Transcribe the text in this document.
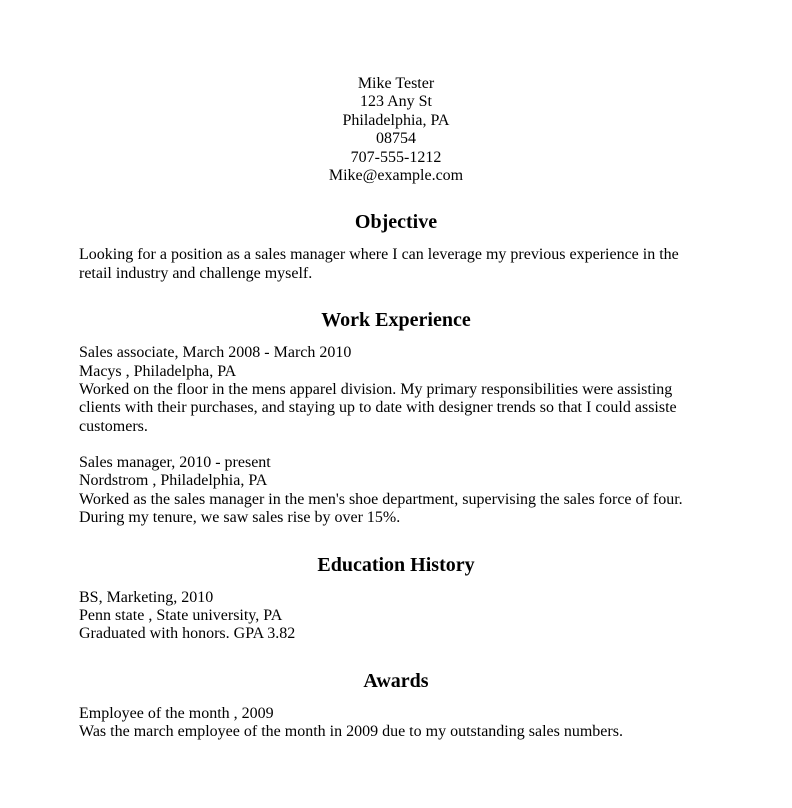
Mike Tester
123 Any St
Philadelphia, PA
08754
707-555-1212
Mike@example.com
Objective
Looking for a position as a sales manager where I can leverage my previous experience in the retail industry and challenge myself.
Work Experience
Sales associate, March 2008 - March 2010
Macys , Philadelpha, PA
Worked on the floor in the mens apparel division. My primary responsibilities were assisting clients with their purchases, and staying up to date with designer trends so that I could assiste customers.
Sales manager, 2010 - present
Nordstrom , Philadelphia, PA
Worked as the sales manager in the men's shoe department, supervising the sales force of four. During my tenure, we saw sales rise by over 15%.
Education History
BS, Marketing, 2010
Penn state , State university, PA
Graduated with honors. GPA 3.82
Awards
Employee of the month , 2009
Was the march employee of the month in 2009 due to my outstanding sales numbers.
